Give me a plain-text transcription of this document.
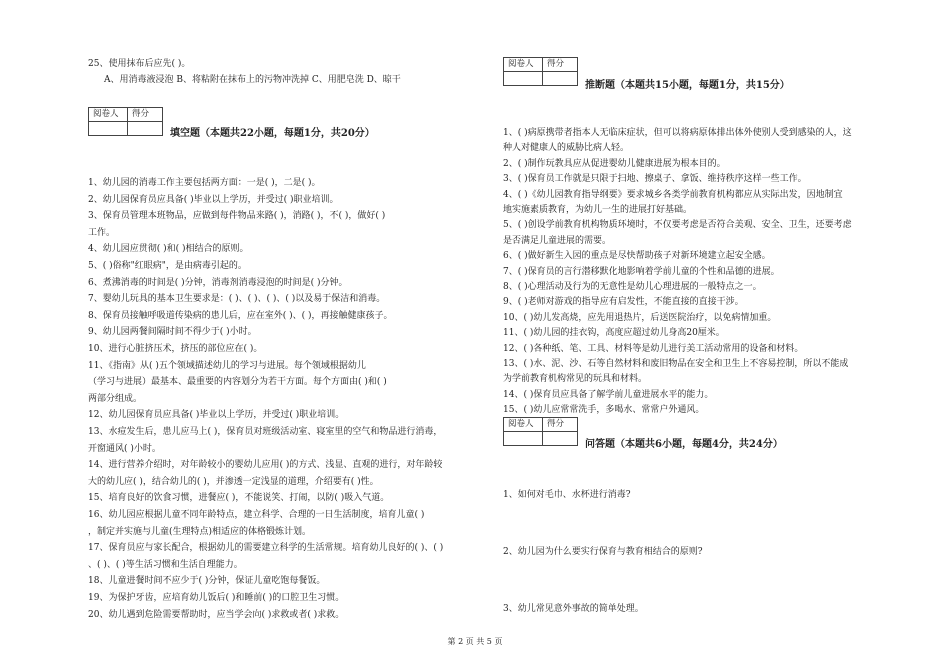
25、使用抹布后应先( )。
A、用消毒液浸泡 B、将粘附在抹布上的污物冲洗掉 C、用肥皂洗 D、晾干
阅卷人	得分

填空题（本题共22小题，每题1分，共20分）
1、幼儿园的消毒工作主要包括两方面：一是( )，二是( )。
2、幼儿园保育员应具备( )毕业以上学历，并受过( )职业培训。
3、保育员管理本班物品，应做到每件物品来路( )，消路( )，不( )，做好( )
工作。
4、幼儿园应贯彻( )和( )相结合的原则。
5、( )俗称"红眼病"，是由病毒引起的。
6、煮沸消毒的时间是( )分钟，消毒剂消毒浸泡的时间是( )分钟。
7、婴幼儿玩具的基本卫生要求是：( )、( )、( )、( )以及易于保洁和消毒。
8、保育员接触呼吸道传染病的患儿后，应在室外( )、( )，再接触健康孩子。
9、幼儿园两餐间隔时间不得少于( )小时。
10、进行心脏挤压术，挤压的部位应在( )。
11、《指南》从( )五个领域描述幼儿的学习与进展。每个领域根据幼儿
（学习与进展）最基本、最重要的内容划分为若干方面。每个方面由( )和( )
两部分组成。
12、幼儿园保育员应具备( )毕业以上学历，并受过( )职业培训。
13、水痘发生后，患儿应马上( )，保育员对班级活动室、寝室里的空气和物品进行消毒，
开窗通风( )小时。
14、进行营养介绍时，对年龄较小的婴幼儿应用( )的方式、浅显、直观的进行，对年龄较
大的幼儿应( )，结合幼儿的( )，并渗透一定浅显的道理，介绍要有( )性。
15、培育良好的饮食习惯，进餐应( )，不能说笑、打闹，以防( )吸入气道。
16、幼儿园应根据儿童不同年龄特点，建立科学、合理的一日生活制度，培育儿童( )
，制定并实施与儿童(生理特点)相适应的体格锻炼计划。
17、保育员应与家长配合，根据幼儿的需要建立科学的生活常规。培育幼儿良好的( )、( )
、( )、( )等生活习惯和生活自理能力。
18、儿童进餐时间不应少于( )分钟，保证儿童吃饱每餐饭。
19、为保护牙齿，应培育幼儿饭后( )和睡前( )的口腔卫生习惯。
20、幼儿遇到危险需要帮助时，应当学会向( )求救或者( )求救。
阅卷人	得分

推断题（本题共15小题，每题1分，共15分）
1、( )病原携带者指本人无临床症状，但可以将病原体排出体外使别人受到感染的人，这
种人对健康人的威胁比病人轻。
2、( )制作玩教具应从促进婴幼儿健康进展为根本目的。
3、( )保育员工作就是只限于扫地、擦桌子、拿饭、维持秩序这样一些工作。
4、( )《幼儿园教育指导纲要》要求城乡各类学前教育机构都应从实际出发，因地制宜
地实施素质教育，为幼儿一生的进展打好基础。
5、( )创设学前教育机构物质环境时，不仅要考虑是否符合美观、安全、卫生，还要考虑
是否满足儿童进展的需要。
6、( )做好新生入园的重点是尽快帮助孩子对新环境建立起安全感。
7、( )保育员的言行潜移默化地影响着学前儿童的个性和品德的进展。
8、( )心理活动及行为的无意性是幼儿心理进展的一般特点之一。
9、( )老师对游戏的指导应有启发性，不能直接的直接干涉。
10、( )幼儿发高烧，应先用退热片，后送医院治疗，以免病情加重。
11、( )幼儿园的挂衣钩，高度应超过幼儿身高20厘米。
12、( )各种纸、笔、工具、材料等是幼儿进行美工活动常用的设备和材料。
13、( )水、泥、沙、石等自然材料和废旧物品在安全和卫生上不容易控制，所以不能成
为学前教育机构常见的玩具和材料。
14、( )保育员应具备了解学前儿童进展水平的能力。
15、( )幼儿应常常洗手，多喝水、常常户外通风。
阅卷人	得分

问答题（本题共6小题，每题4分，共24分）
1、如何对毛巾、水杯进行消毒?
2、幼儿园为什么要实行保育与教育相结合的原则?
3、幼儿常见意外事故的简单处理。
第 2 页 共 5 页
